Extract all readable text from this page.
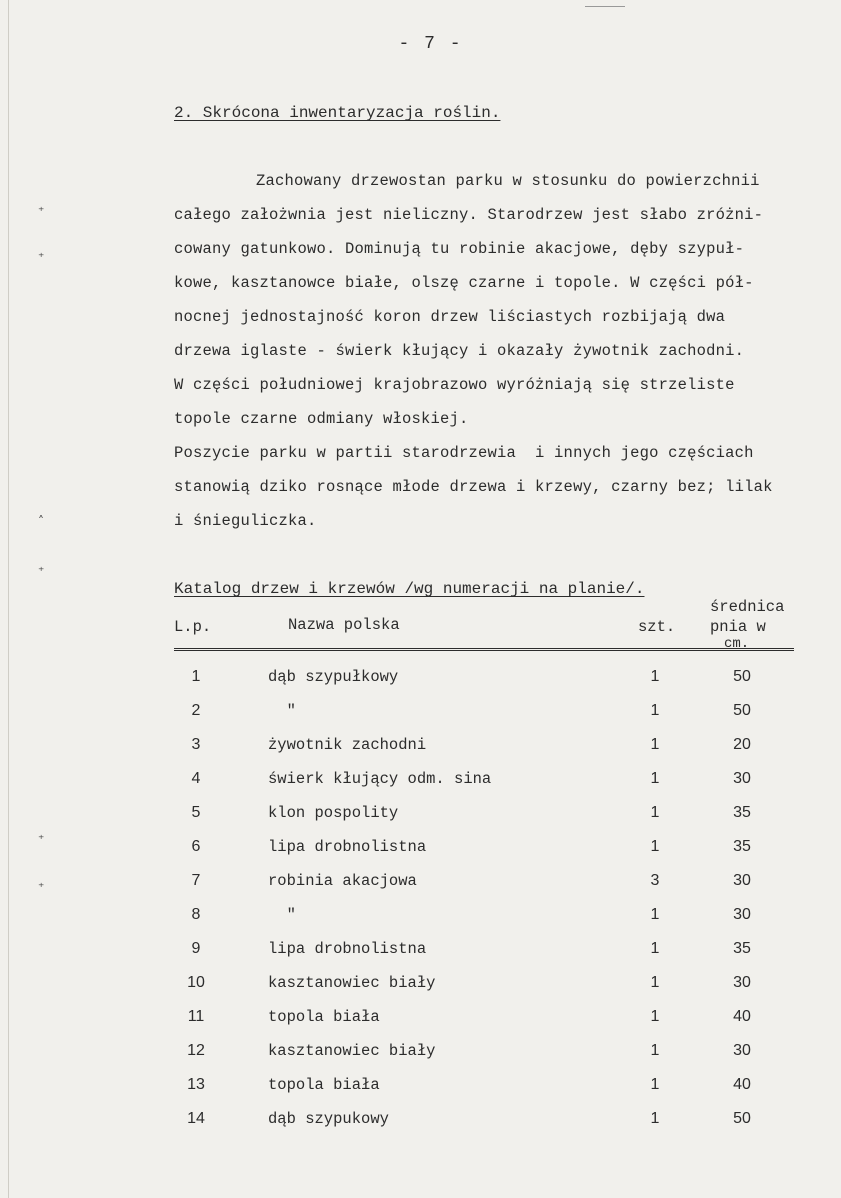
- 7 -
2. Skrócona inwentaryzacja roślin.
Zachowany drzewostan parku w stosunku do powierzchnii
całego założwnia jest nieliczny. Starodrzew jest słabo zróżni-
cowany gatunkowo. Dominują tu robinie akacjowe, dęby szypuł-
kowe, kasztanowce białe, olszę czarne i topole. W części pół-
nocnej jednostajność koron drzew liściastych rozbijają dwa
drzewa iglaste - świerk kłujący i okazały żywotnik zachodni.
W części południowej krajobrazowo wyróżniają się strzeliste
topole czarne odmiany włoskiej.
Poszycie parku w partii starodrzewia  i innych jego częściach
stanowią dziko rosnące młode drzewa i krzewy, czarny bez; lilak
i śnieguliczka.
⁺
⁺
˄
⁺
⁺
⁺
Katalog drzew i krzewów /wg numeracji na planie/.
L.p.	Nazwa polska	szt.
średnica
pnia w
cm.
1	dąb szypułkowy	1	50
2	"	1	50
3	żywotnik zachodni	1	20
4	świerk kłujący odm. sina	1	30
5	klon pospolity	1	35
6	lipa drobnolistna	1	35
7	robinia akacjowa	3	30
8	"	1	30
9	lipa drobnolistna	1	35
10	kasztanowiec biały	1	30
11	topola biała	1	40
12	kasztanowiec biały	1	30
13	topola biała	1	40
14	dąb szypukowy	1	50
